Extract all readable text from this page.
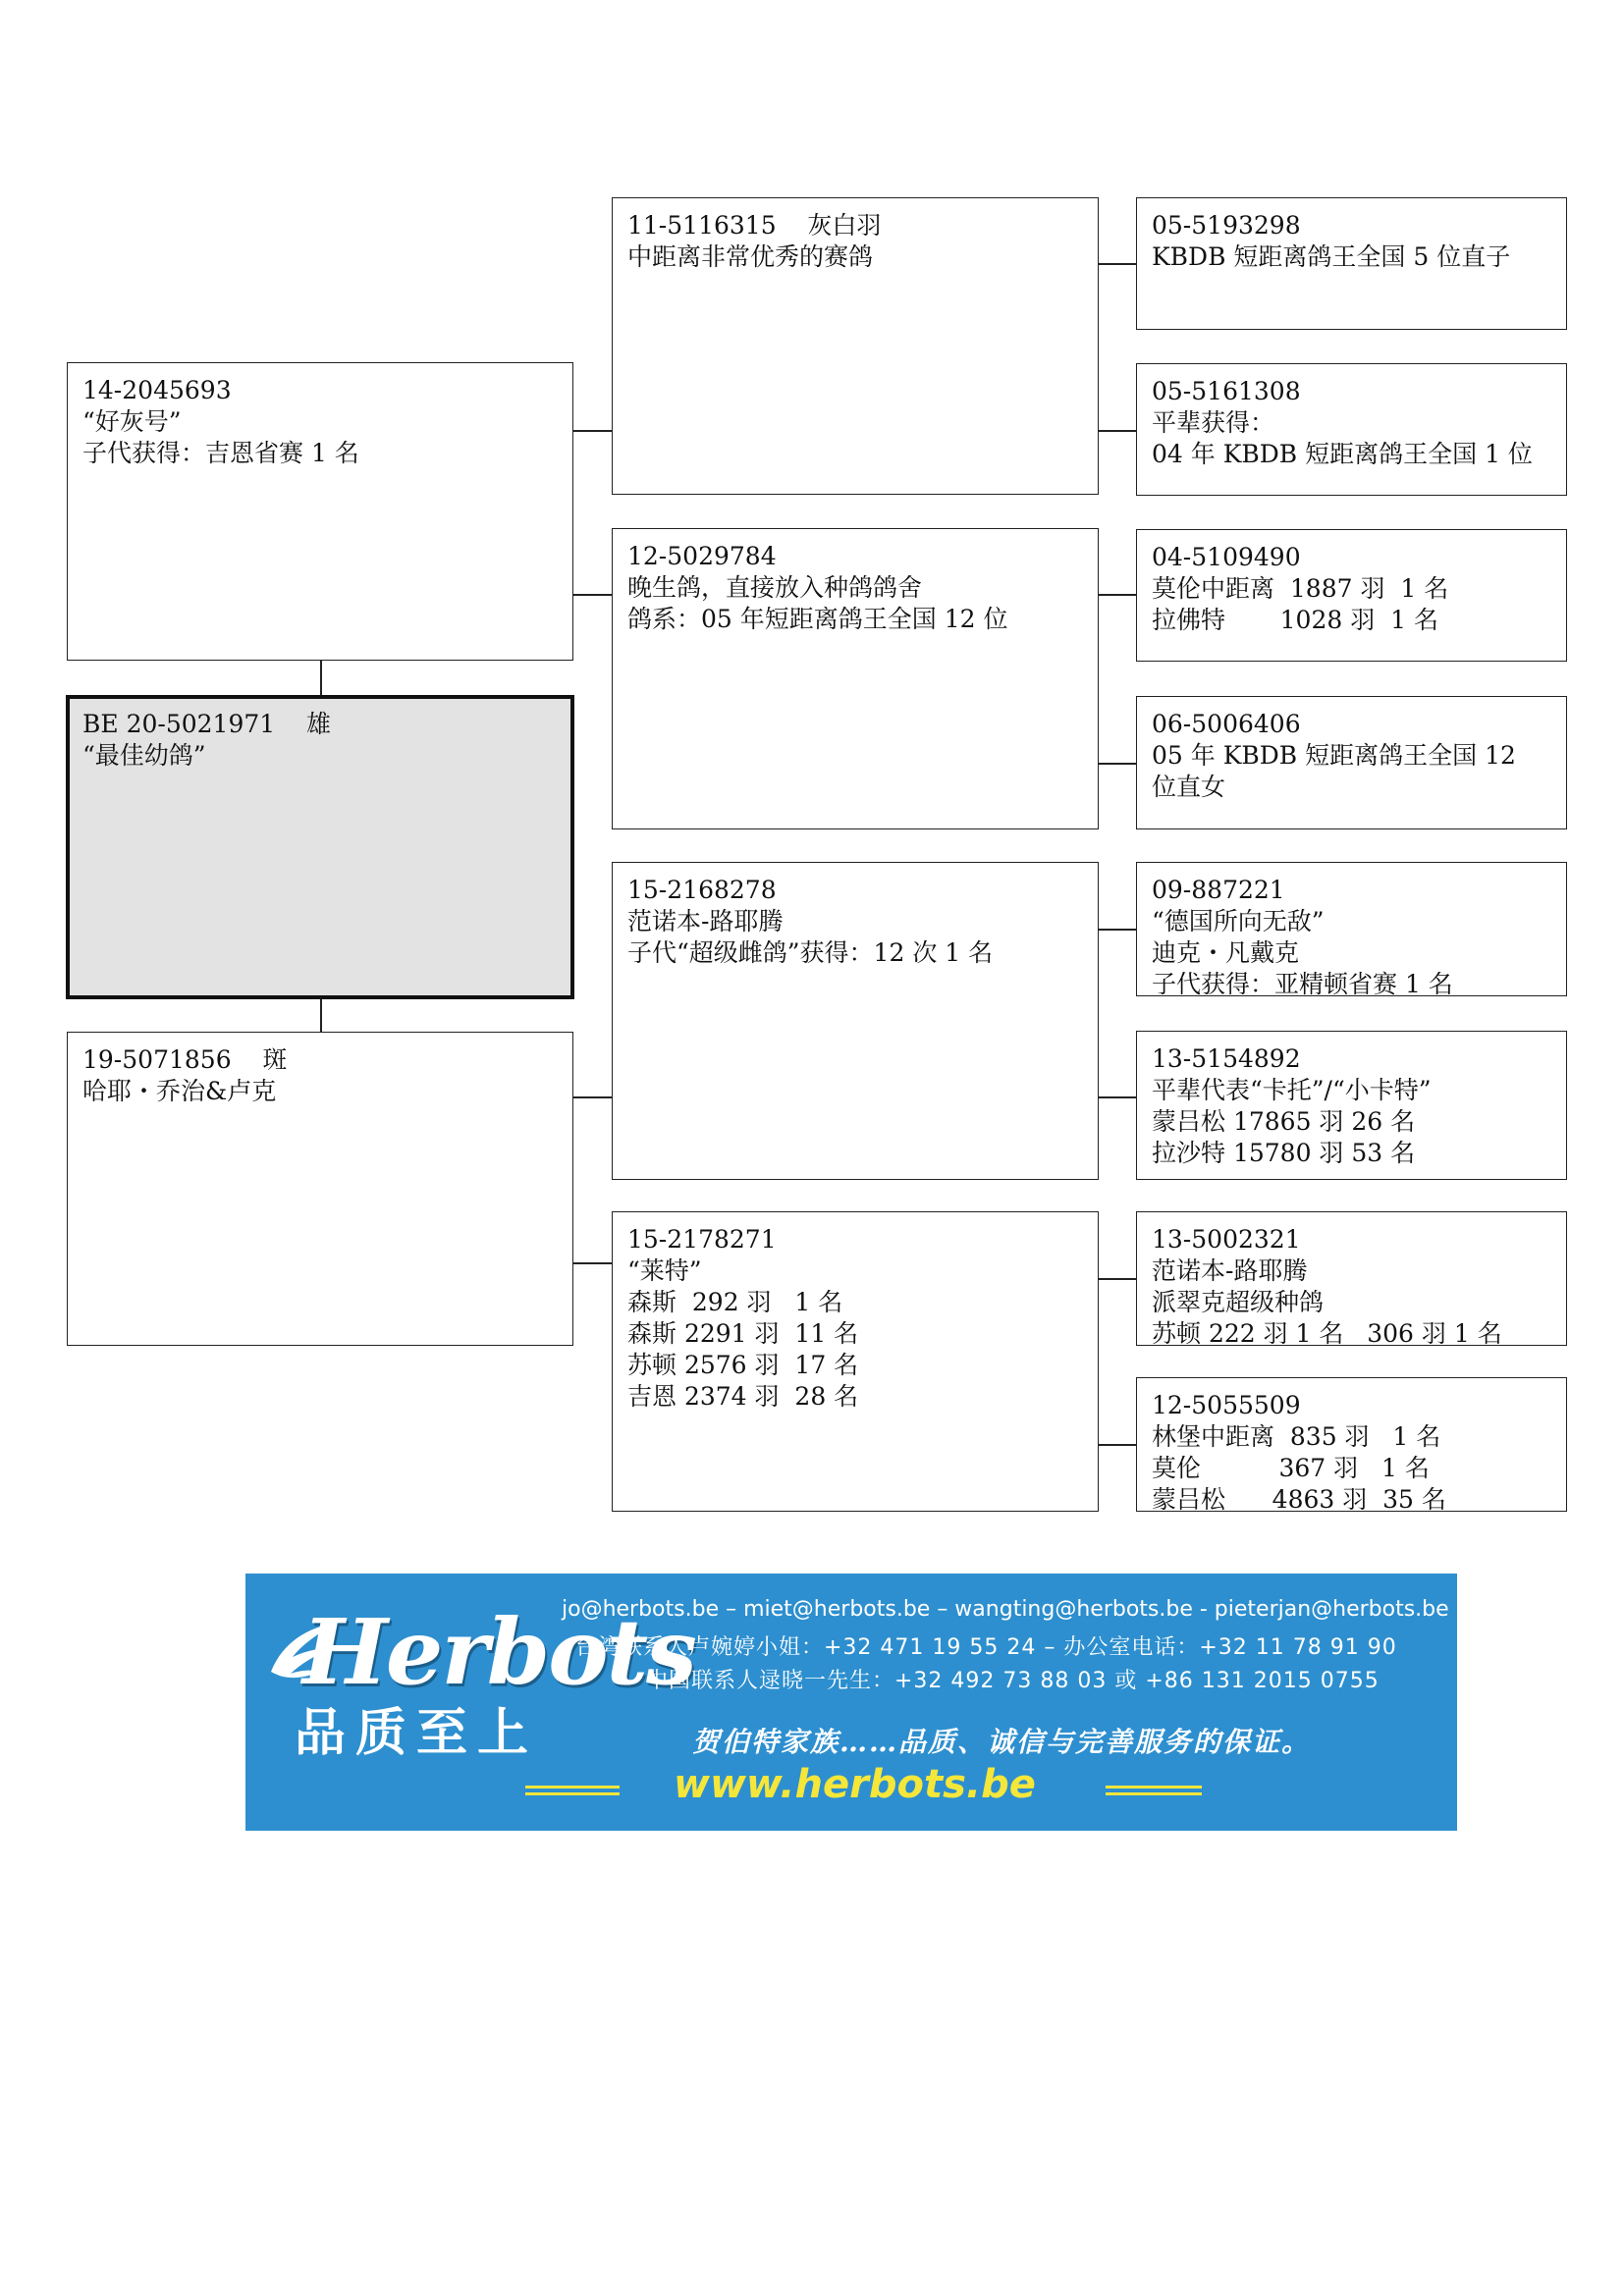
14-2045693
“好灰号”
子代获得：吉恩省赛 1 名
BE 20-5021971    雄
“最佳幼鸽”
19-5071856    斑
哈耶・乔治&卢克
11-5116315    灰白羽
中距离非常优秀的赛鸽
12-5029784
晚生鸽，直接放入种鸽鸽舍
鸽系：05 年短距离鸽王全国 12 位
15-2168278
范诺本-路耶腾
子代“超级雌鸽”获得：12 次 1 名
15-2178271
“莱特”
森斯  292 羽   1 名
森斯 2291 羽  11 名
苏顿 2576 羽  17 名
吉恩 2374 羽  28 名
05-5193298
KBDB 短距离鸽王全国 5 位直子
05-5161308
平辈获得：
04 年 KBDB 短距离鸽王全国 1 位
04-5109490
莫伦中距离  1887 羽  1 名
拉佛特       1028 羽  1 名
06-5006406
05 年 KBDB 短距离鸽王全国 12
位直女
09-887221
“德国所向无敌”
迪克・凡戴克
子代获得：亚精顿省赛 1 名
13-5154892
平辈代表“卡托”/“小卡特”
蒙吕松 17865 羽 26 名
拉沙特 15780 羽 53 名
13-5002321
范诺本-路耶腾
派翠克超级种鸽
苏顿 222 羽 1 名   306 羽 1 名
12-5055509
林堡中距离  835 羽   1 名
莫伦          367 羽   1 名
蒙吕松      4863 羽  35 名
Herbots
品质至上
jo@herbots.be – miet@herbots.be – wangting@herbots.be - pieterjan@herbots.be
台湾联系人卢婉婷小姐：+32 471 19 55 24 – 办公室电话：+32 11 78 91 90
中国联系人逯晓一先生：+32 492 73 88 03 或 +86 131 2015 0755
贺伯特家族……品质、诚信与完善服务的保证。
www.herbots.be
